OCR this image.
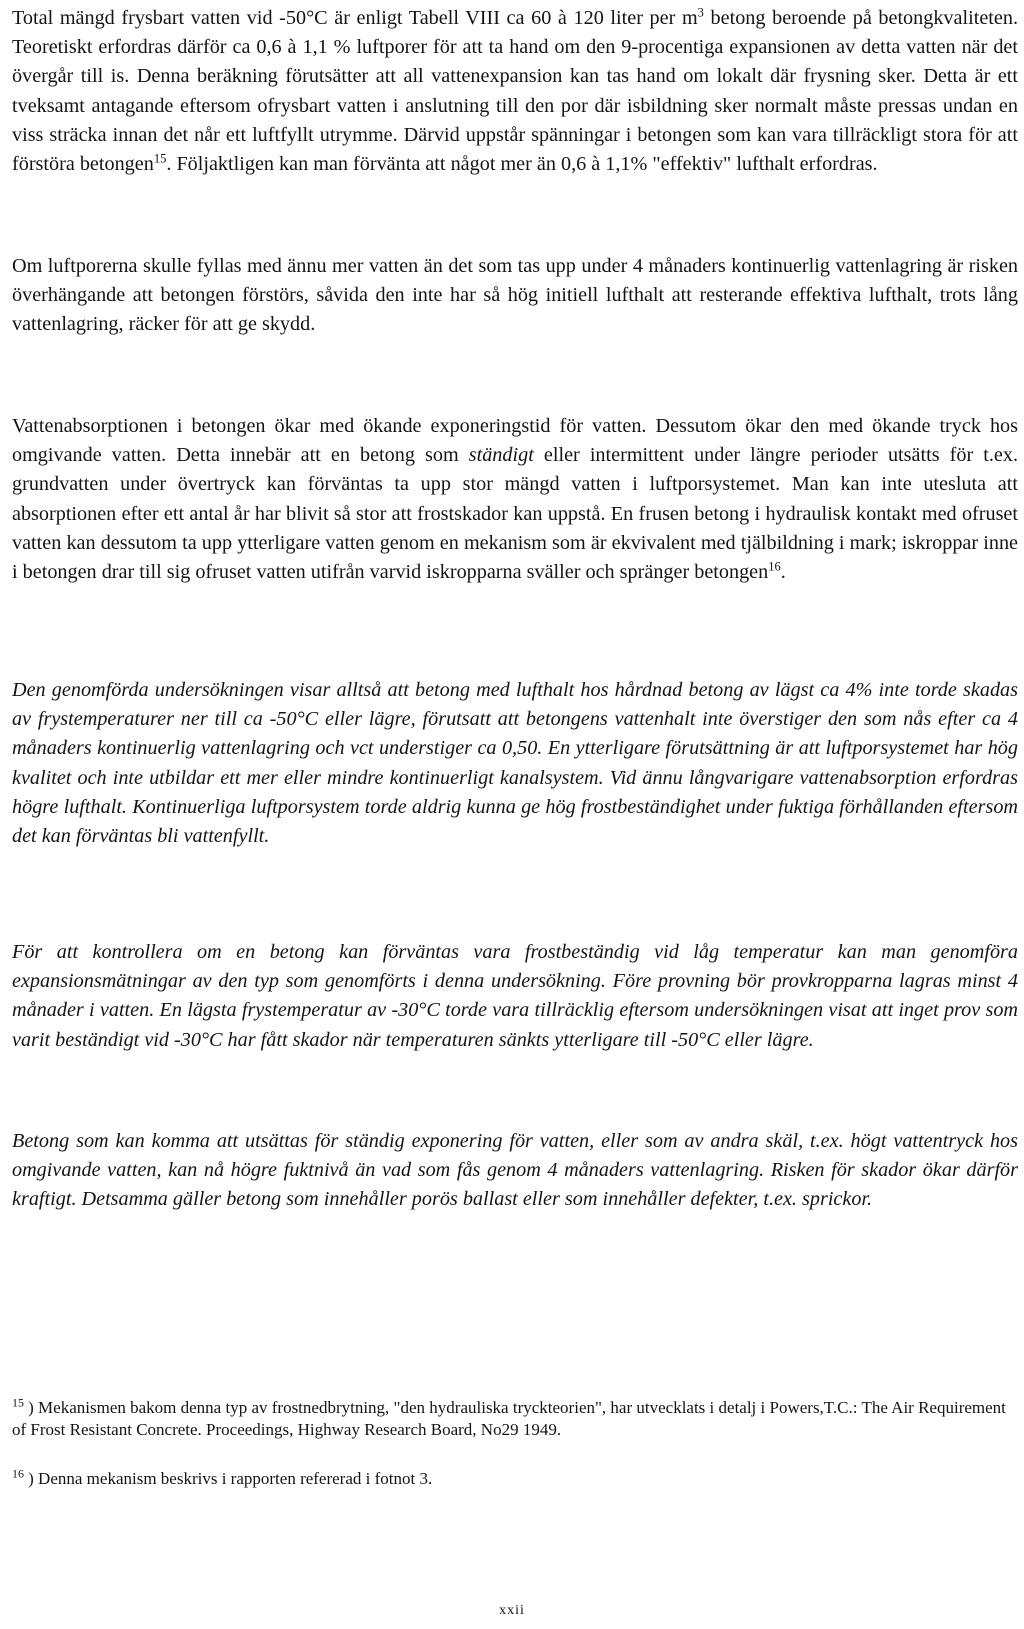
Total mängd frysbart vatten vid -50°C är enligt Tabell VIII ca 60 à 120 liter per $m^3$ betong beroende på betongkvaliteten. Teoretiskt erfordras därför ca 0,6 à 1,1 % luftporer för att ta hand om den 9-procentiga expansionen av detta vatten när det övergår till is. Denna beräkning förutsätter att all vattenexpansion kan tas hand om lokalt där frysning sker. Detta är ett tveksamt antagande eftersom ofrysbart vatten i anslutning till den por där isbildning sker normalt måste pressas undan en viss sträcka innan det når ett luftfyllt utrymme. Därvid uppstår spänningar i betongen som kan vara tillräckligt stora för att förstöra betongen$^{15}$. Följaktligen kan man förvänta att något mer än 0,6 à 1,1% "effektiv" lufthalt erfordras.

Om luftporerna skulle fyllas med ännu mer vatten än det som tas upp under 4 månaders kontinuerlig vattenlagring är risken överhängande att betongen förstörs, såvida den inte har så hög initiell lufthalt att resterande effektiva lufthalt, trots lång vattenlagring, räcker för att ge skydd.

Vattenabsorptionen i betongen ökar med ökande exponeringstid för vatten. Dessutom ökar den med ökande tryck hos omgivande vatten. Detta innebär att en betong som ständigt eller intermittent under längre perioder utsätts för t.ex. grundvatten under övertryck kan förväntas ta upp stor mängd vatten i luftporsystemet. Man kan inte utesluta att absorptionen efter ett antal år har blivit så stor att frostskador kan uppstå. En frusen betong i hydraulisk kontakt med ofruset vatten kan dessutom ta upp ytterligare vatten genom en mekanism som är ekvivalent med tjälbildning i mark; iskroppar inne i betongen drar till sig ofruset vatten utifrån varvid iskropparna sväller och spränger betongen$^{16}$.

Den genomförda undersökningen visar alltså att betong med lufthalt hos hårdnad betong av lägst ca 4% inte torde skadas av frystemperaturer ner till ca -50°C eller lägre, förutsatt att betongens vattenhalt inte överstiger den som nås efter ca 4 månaders kontinuerlig vattenlagring och vct understiger ca 0,50. En ytterligare förutsättning är att luftporsystemet har hög kvalitet och inte utbildar ett mer eller mindre kontinuerligt kanalsystem. Vid ännu långvarigare vattenabsorption erfordras högre lufthalt. Kontinuerliga luftporsystem torde aldrig kunna ge hög frostbeständighet under fuktiga förhållanden eftersom det kan förväntas bli vattenfyllt.

För att kontrollera om en betong kan förväntas vara frostbeständig vid låg temperatur kan man genomföra expansionsmätningar av den typ som genomförts i denna undersökning. Före provning bör provkropparna lagras minst 4 månader i vatten. En lägsta frystemperatur av -30°C torde vara tillräcklig eftersom undersökningen visat att inget prov som varit beständigt vid -30°C har fått skador när temperaturen sänkts ytterligare till -50°C eller lägre.

Betong som kan komma att utsättas för ständig exponering för vatten, eller som av andra skäl, t.ex. högt vattentryck hos omgivande vatten, kan nå högre fuktnivå än vad som fås genom 4 månaders vattenlagring. Risken för skador ökar därför kraftigt. Detsamma gäller betong som innehåller porös ballast eller som innehåller defekter, t.ex. sprickor.

$^{15}$ ) Mekanismen bakom denna typ av frostnedbrytning, "den hydrauliska tryckteorien", har utvecklats i detalj i Powers,T.C.: The Air Requirement of Frost Resistant Concrete. Proceedings, Highway Research Board, No29 1949.

$^{16}$ ) Denna mekanism beskrivs i rapporten refererad i fotnot 3.

xxii
